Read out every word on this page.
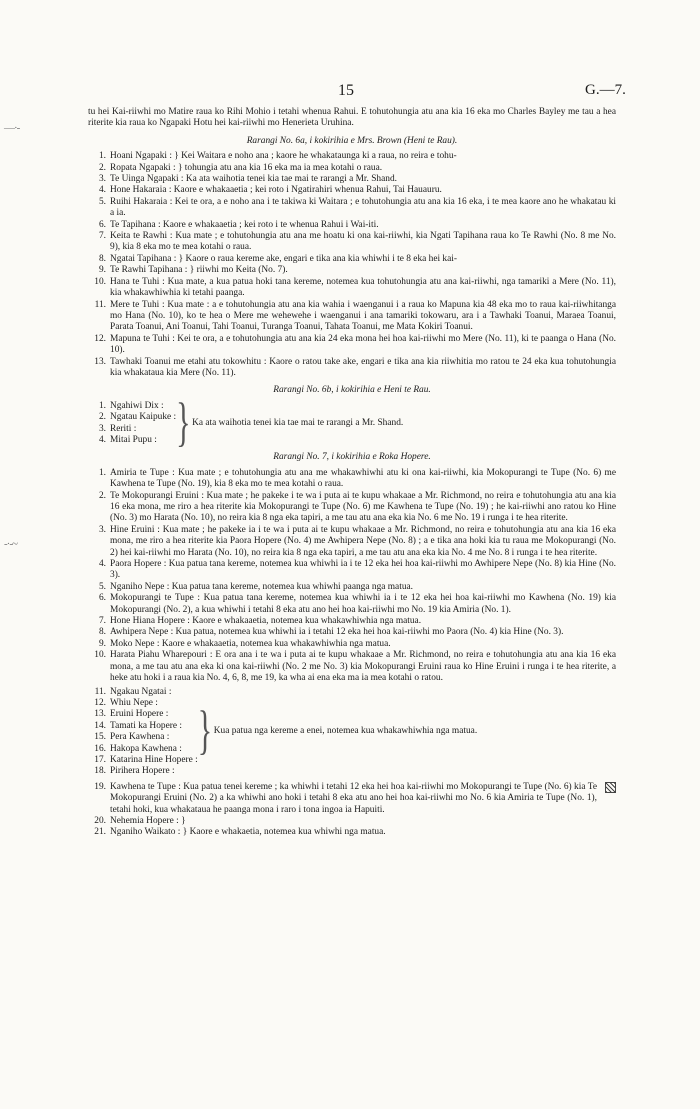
15	G.—7.
—·-
-·-~

tu hei Kai-riiwhi mo Matire raua ko Rihi Mohio i tetahi whenua Rahui. E tohutohungia atu ana kia 16 eka mo Charles Bayley me tau a hea riterite kia raua ko Ngapaki Hotu hei kai-riiwhi mo Henerieta Uruhina.

Rarangi No. 6a, i kokirihia e Mrs. Brown (Heni te Rau).
1. Hoani Ngapaki : } Kei Waitara e noho ana ; kaore he whakataunga ki a raua, no reira e tohu-
2. Ropata Ngapaki : } tohungia atu ana kia 16 eka ma ia mea kotahi o raua.
3. Te Uinga Ngapaki : Ka ata waihotia tenei kia tae mai te rarangi a Mr. Shand.
4. Hone Hakaraia : Kaore e whakaaetia ; kei roto i Ngatirahiri whenua Rahui, Tai Hauauru.
5. Ruihi Hakaraia : Kei te ora, a e noho ana i te takiwa ki Waitara ; e tohutohungia atu ana kia 16 eka, i te mea kaore ano he whakatau ki a ia.
6. Te Tapihana : Kaore e whakaaetia ; kei roto i te whenua Rahui i Wai-iti.
7. Keita te Rawhi : Kua mate ; e tohutohungia atu ana me hoatu ki ona kai-riiwhi, kia Ngati Tapihana raua ko Te Rawhi (No. 8 me No. 9), kia 8 eka mo te mea kotahi o raua.
8. Ngatai Tapihana : } Kaore o raua kereme ake, engari e tika ana kia whiwhi i te 8 eka hei kai-
9. Te Rawhi Tapihana : } riiwhi mo Keita (No. 7).
10. Hana te Tuhi : Kua mate, a kua patua hoki tana kereme, notemea kua tohutohungia atu ana kai-riiwhi, nga tamariki a Mere (No. 11), kia whakawhiwhia ki tetahi paanga.
11. Mere te Tuhi : Kua mate : a e tohutohungia atu ana kia wahia i waenganui i a raua ko Mapuna kia 48 eka mo to raua kai-riiwhitanga mo Hana (No. 10), ko te hea o Mere me wehewehe i waenganui i ana tamariki tokowaru, ara i a Tawhaki Toanui, Maraea Toanui, Parata Toanui, Ani Toanui, Tahi Toanui, Turanga Toanui, Tahata Toanui, me Mata Kokiri Toanui.
12. Mapuna te Tuhi : Kei te ora, a e tohutohungia atu ana kia 24 eka mona hei hoa kai-riiwhi mo Mere (No. 11), ki te paanga o Hana (No. 10).
13. Tawhaki Toanui me etahi atu tokowhitu : Kaore o ratou take ake, engari e tika ana kia riiwhitia mo ratou te 24 eka kua tohutohungia kia whakataua kia Mere (No. 11).
Rarangi No. 6b, i kokirihia e Heni te Rau.
1. Ngahiwi Dix :
2. Ngatau Kaipuke :
3. Reriti :
4. Mitai Pupu : } Ka ata waihotia tenei kia tae mai te rarangi a Mr. Shand.
Rarangi No. 7, i kokirihia e Roka Hopere.
1. Amiria te Tupe : Kua mate ; e tohutohungia atu ana me whakawhiwhi atu ki ona kai-riiwhi, kia Mokopurangi te Tupe (No. 6) me Kawhena te Tupe (No. 19), kia 8 eka mo te mea kotahi o raua.
2. Te Mokopurangi Eruini : Kua mate ; he pakeke i te wa i puta ai te kupu whakaae a Mr. Richmond, no reira e tohutohungia atu ana kia 16 eka mona, me riro a hea riterite kia Mokopurangi te Tupe (No. 6) me Kawhena te Tupe (No. 19) ; he kai-riiwhi ano ratou ko Hine (No. 3) mo Harata (No. 10), no reira kia 8 nga eka tapiri, a me tau atu ana eka kia No. 6 me No. 19 i runga i te hea riterite.
3. Hine Eruini : Kua mate ; he pakeke ia i te wa i puta ai te kupu whakaae a Mr. Richmond, no reira e tohutohungia atu ana kia 16 eka mona, me riro a hea riterite kia Paora Hopere (No. 4) me Awhipera Nepe (No. 8) ; a e tika ana hoki kia tu raua me Mokopurangi (No. 2) hei kai-riiwhi mo Harata (No. 10), no reira kia 8 nga eka tapiri, a me tau atu ana eka kia No. 4 me No. 8 i runga i te hea riterite.
4. Paora Hopere : Kua patua tana kereme, notemea kua whiwhi ia i te 12 eka hei hoa kai-riiwhi mo Awhipere Nepe (No. 8) kia Hine (No. 3).
5. Nganiho Nepe : Kua patua tana kereme, notemea kua whiwhi paanga nga matua.
6. Mokopurangi te Tupe : Kua patua tana kereme, notemea kua whiwhi ia i te 12 eka hei hoa kai-riiwhi mo Kawhena (No. 19) kia Mokopurangi (No. 2), a kua whiwhi i tetahi 8 eka atu ano hei hoa kai-riiwhi mo No. 19 kia Amiria (No. 1).
7. Hone Hiana Hopere : Kaore e whakaaetia, notemea kua whakawhiwhia nga matua.
8. Awhipera Nepe : Kua patua, notemea kua whiwhi ia i tetahi 12 eka hei hoa kai-riiwhi mo Paora (No. 4) kia Hine (No. 3).
9. Moko Nepe : Kaore e whakaaetia, notemea kua whakawhiwhia nga matua.
10. Harata Piahu Wharepouri : E ora ana i te wa i puta ai te kupu whakaae a Mr. Richmond, no reira e tohutohungia atu ana kia 16 eka mona, a me tau atu ana eka ki ona kai-riiwhi (No. 2 me No. 3) kia Mokopurangi Eruini raua ko Hine Eruini i runga i te hea riterite, a heke atu hoki i a raua kia No. 4, 6, 8, me 19, ka wha ai ena eka ma ia mea kotahi o ratou.
11. Ngakau Ngatai :
12. Whiu Nepe :
13. Eruini Hopere :
14. Tamati ka Hopere :
15. Pera Kawhena :
16. Hakopa Kawhena :
17. Katarina Hine Hopere :
18. Pirihera Hopere :
} Kua patua nga kereme a enei, notemea kua whakawhiwhia nga matua.
19. Kawhena te Tupe : Kua patua tenei kereme ; ka whiwhi i tetahi 12 eka hei hoa kai-riiwhi mo Mokopurangi te Tupe (No. 6) kia Te Mokopurangi Eruini (No. 2) a ka whiwhi ano hoki i tetahi 8 eka atu ano hei hoa kai-riiwhi mo No. 6 kia Amiria te Tupe (No. 1), tetahi hoki, kua whakataua he paanga mona i raro i tona ingoa ia Hapuiti.
20. Nehemia Hopere : }
21. Nganiho Waikato : } Kaore e whakaetia, notemea kua whiwhi nga matua.
